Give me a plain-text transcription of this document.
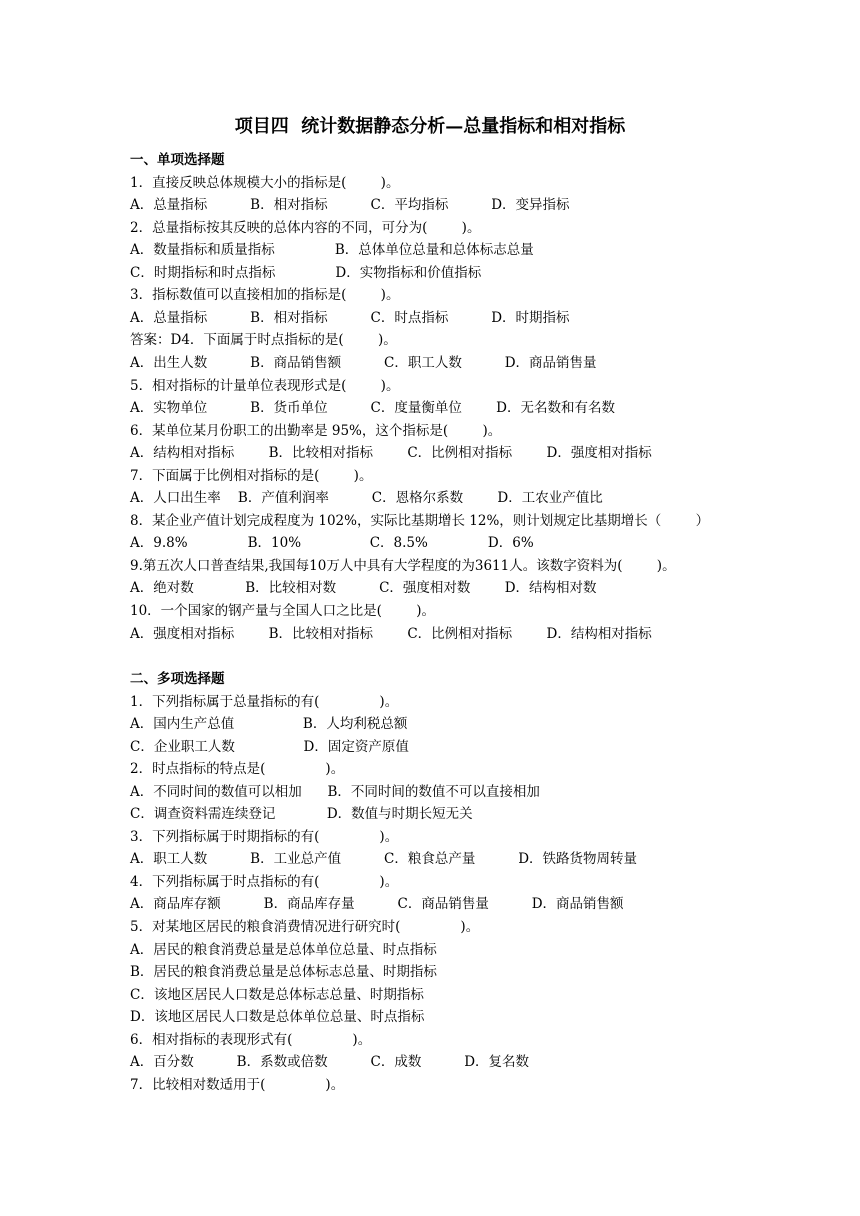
项目四  统计数据静态分析—总量指标和相对指标
一、单项选择题
1．直接反映总体规模大小的指标是(        )。
A．总量指标          B．相对指标          C．平均指标          D．变异指标
2．总量指标按其反映的总体内容的不同，可分为(        )。
A．数量指标和质量指标              B．总体单位总量和总体标志总量
C．时期指标和时点指标              D．实物指标和价值指标
3．指标数值可以直接相加的指标是(        )。
A．总量指标          B．相对指标          C．时点指标          D．时期指标
答案：D4．下面属于时点指标的是(        )。
A．出生人数          B．商品销售额          C．职工人数          D．商品销售量
5．相对指标的计量单位表现形式是(        )。
A．实物单位          B．货币单位          C．度量衡单位        D．无名数和有名数
6．某单位某月份职工的出勤率是 95%，这个指标是(        )。
A．结构相对指标        B．比较相对指标        C．比例相对指标        D．强度相对指标
7．下面属于比例相对指标的是(        )。
A．人口出生率    B．产值利润率          C．恩格尔系数        D．工农业产值比
8．某企业产值计划完成程度为 102%，实际比基期增长 12%，则计划规定比基期增长（        ）
A．9.8%              B．10%                C．8.5%              D．6%
9.第五次人口普查结果,我国每10万人中具有大学程度的为3611人。该数字资料为(        )。
A．绝对数            B．比较相对数          C．强度相对数        D．结构相对数
10．一个国家的钢产量与全国人口之比是(        )。
A．强度相对指标        B．比较相对指标        C．比例相对指标        D．结构相对指标
二、多项选择题
1．下列指标属于总量指标的有(              )。
A．国内生产总值                B．人均利税总额
C．企业职工人数                D．固定资产原值
2．时点指标的特点是(              )。
A．不同时间的数值可以相加      B．不同时间的数值不可以直接相加
C．调查资料需连续登记            D．数值与时期长短无关
3．下列指标属于时期指标的有(              )。
A．职工人数          B．工业总产值          C．粮食总产量          D．铁路货物周转量
4．下列指标属于时点指标的有(              )。
A．商品库存额          B．商品库存量          C．商品销售量          D．商品销售额
5．对某地区居民的粮食消费情况进行研究时(              )。
A．居民的粮食消费总量是总体单位总量、时点指标
B．居民的粮食消费总量是总体标志总量、时期指标
C．该地区居民人口数是总体标志总量、时期指标
D．该地区居民人口数是总体单位总量、时点指标
6．相对指标的表现形式有(              )。
A．百分数          B．系数或倍数          C．成数          D．复名数
7．比较相对数适用于(              )。
